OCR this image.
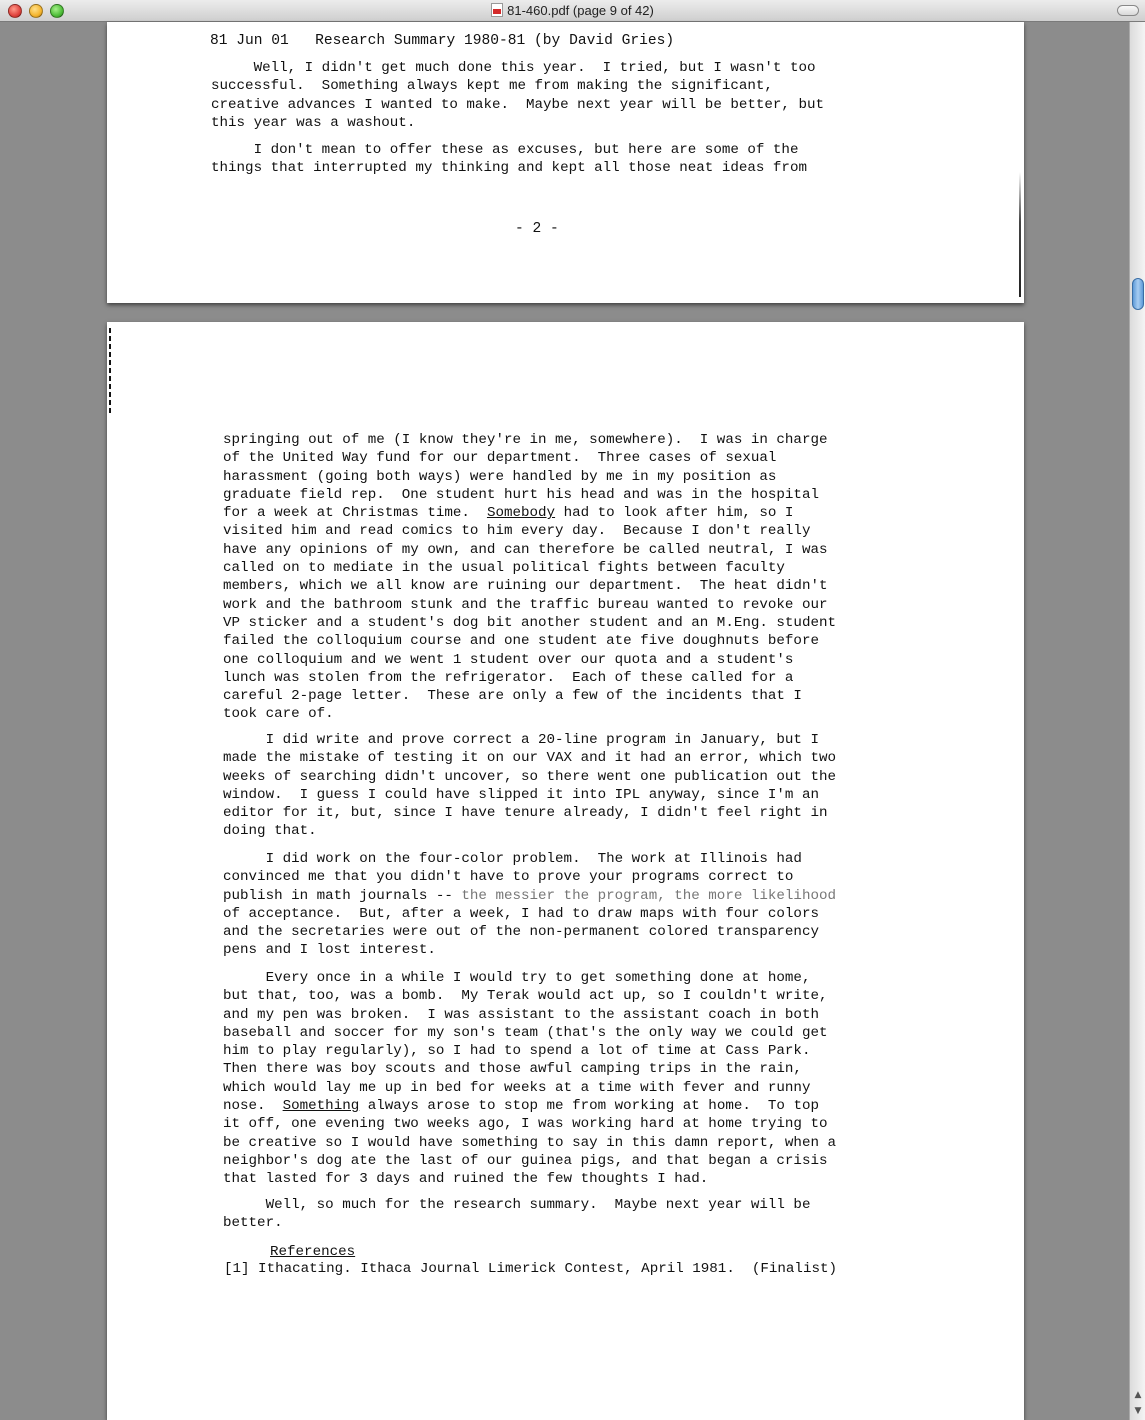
81-460.pdf (page 9 of 42)
81 Jun 01   Research Summary 1980-81 (by David Gries)
Well, I didn't get much done this year.  I tried, but I wasn't too
successful.  Something always kept me from making the significant,
creative advances I wanted to make.  Maybe next year will be better, but
this year was a washout.
I don't mean to offer these as excuses, but here are some of the
things that interrupted my thinking and kept all those neat ideas from
- 2 -
springing out of me (I know they're in me, somewhere).  I was in charge
of the United Way fund for our department.  Three cases of sexual
harassment (going both ways) were handled by me in my position as
graduate field rep.  One student hurt his head and was in the hospital
for a week at Christmas time.  Somebody had to look after him, so I
visited him and read comics to him every day.  Because I don't really
have any opinions of my own, and can therefore be called neutral, I was
called on to mediate in the usual political fights between faculty
members, which we all know are ruining our department.  The heat didn't
work and the bathroom stunk and the traffic bureau wanted to revoke our
VP sticker and a student's dog bit another student and an M.Eng. student
failed the colloquium course and one student ate five doughnuts before
one colloquium and we went 1 student over our quota and a student's
lunch was stolen from the refrigerator.  Each of these called for a
careful 2-page letter.  These are only a few of the incidents that I
took care of.
I did write and prove correct a 20-line program in January, but I
made the mistake of testing it on our VAX and it had an error, which two
weeks of searching didn't uncover, so there went one publication out the
window.  I guess I could have slipped it into IPL anyway, since I'm an
editor for it, but, since I have tenure already, I didn't feel right in
doing that.
I did work on the four-color problem.  The work at Illinois had
convinced me that you didn't have to prove your programs correct to
publish in math journals -- the messier the program, the more likelihood
of acceptance.  But, after a week, I had to draw maps with four colors
and the secretaries were out of the non-permanent colored transparency
pens and I lost interest.
Every once in a while I would try to get something done at home,
but that, too, was a bomb.  My Terak would act up, so I couldn't write,
and my pen was broken.  I was assistant to the assistant coach in both
baseball and soccer for my son's team (that's the only way we could get
him to play regularly), so I had to spend a lot of time at Cass Park.
Then there was boy scouts and those awful camping trips in the rain,
which would lay me up in bed for weeks at a time with fever and runny
nose.  Something always arose to stop me from working at home.  To top
it off, one evening two weeks ago, I was working hard at home trying to
be creative so I would have something to say in this damn report, when a
neighbor's dog ate the last of our guinea pigs, and that began a crisis
that lasted for 3 days and ruined the few thoughts I had.
Well, so much for the research summary.  Maybe next year will be
better.
References
[1] Ithacating. Ithaca Journal Limerick Contest, April 1981.  (Finalist)
▲
▼
